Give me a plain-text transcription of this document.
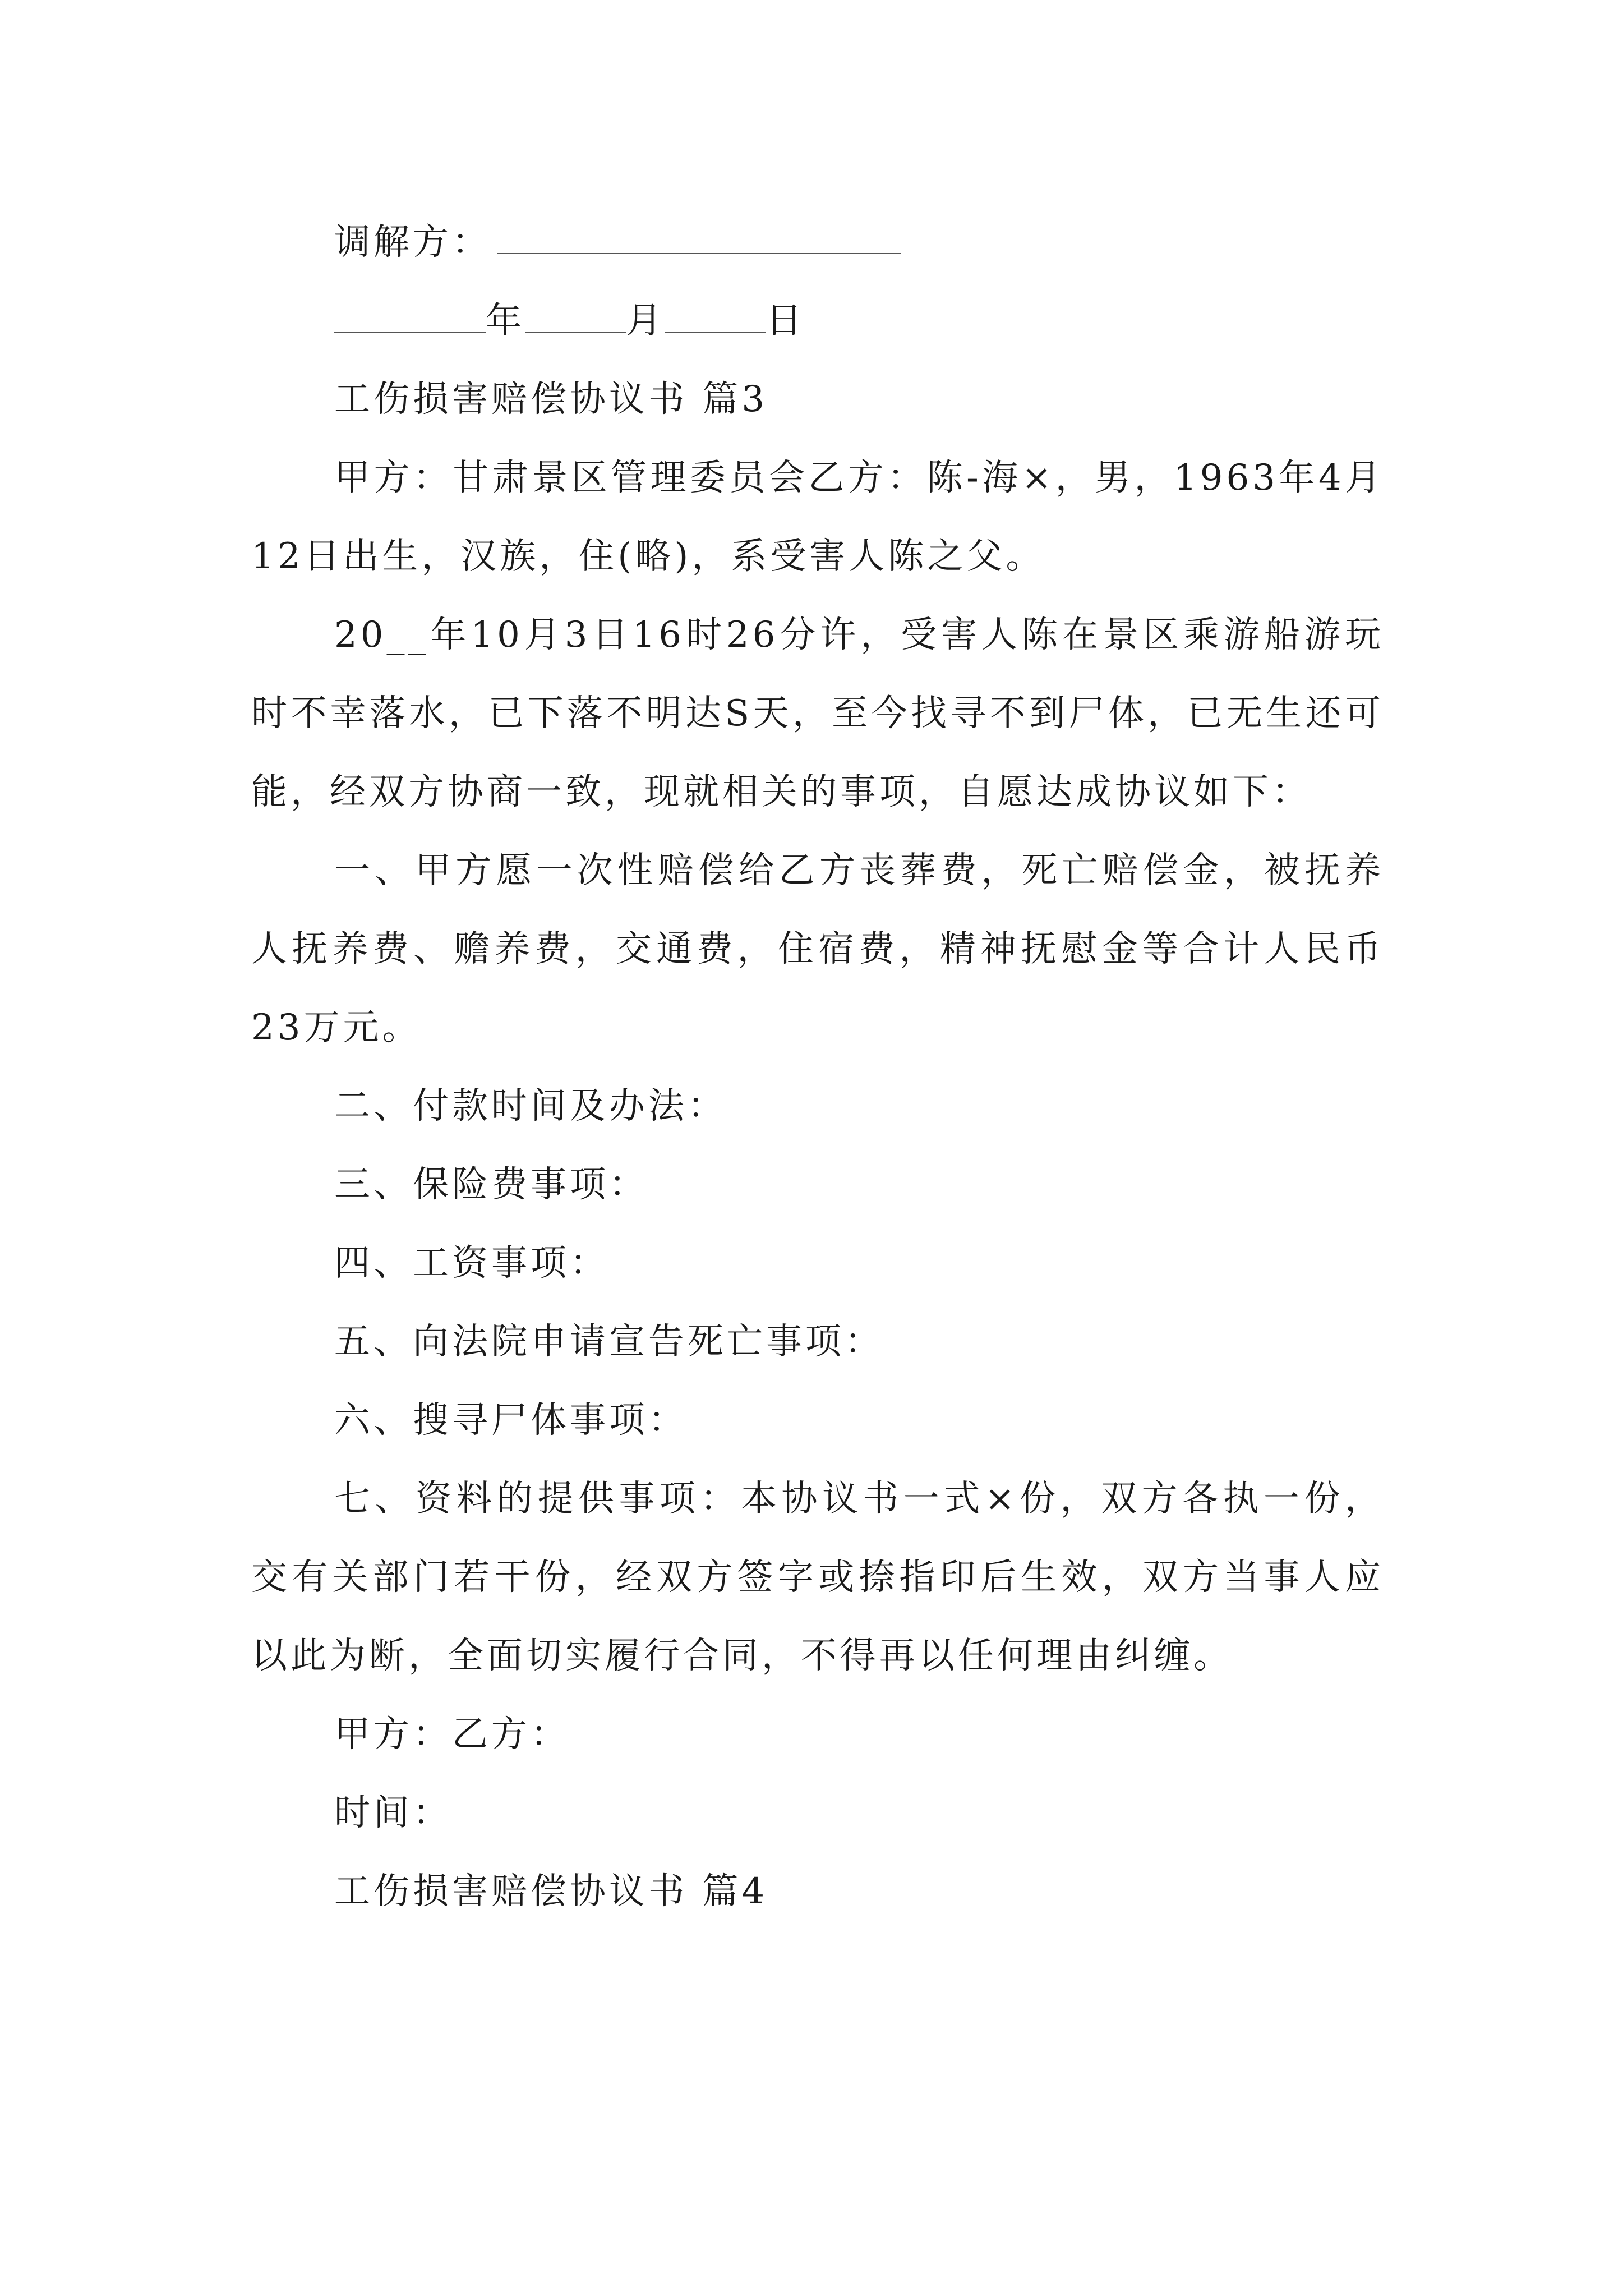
调解方：

年	月	日

工伤损害赔偿协议书 篇3

甲方：甘肃景区管理委员会乙方：陈-海×，男，1963年4月12日出生，汉族，住(略)，系受害人陈之父。

20__年10月3日16时26分许，受害人陈在景区乘游船游玩时不幸落水，已下落不明达S天，至今找寻不到尸体，已无生还可能，经双方协商一致，现就相关的事项，自愿达成协议如下：

一、甲方愿一次性赔偿给乙方丧葬费，死亡赔偿金，被抚养人抚养费、赡养费，交通费，住宿费，精神抚慰金等合计人民币23万元。

二、付款时间及办法：

三、保险费事项：

四、工资事项：

五、向法院申请宣告死亡事项：

六、搜寻尸体事项：

七、资料的提供事项：本协议书一式×份，双方各执一份，交有关部门若干份，经双方签字或捺指印后生效，双方当事人应以此为断，全面切实履行合同，不得再以任何理由纠缠。

甲方：乙方：

时间：

工伤损害赔偿协议书 篇4
